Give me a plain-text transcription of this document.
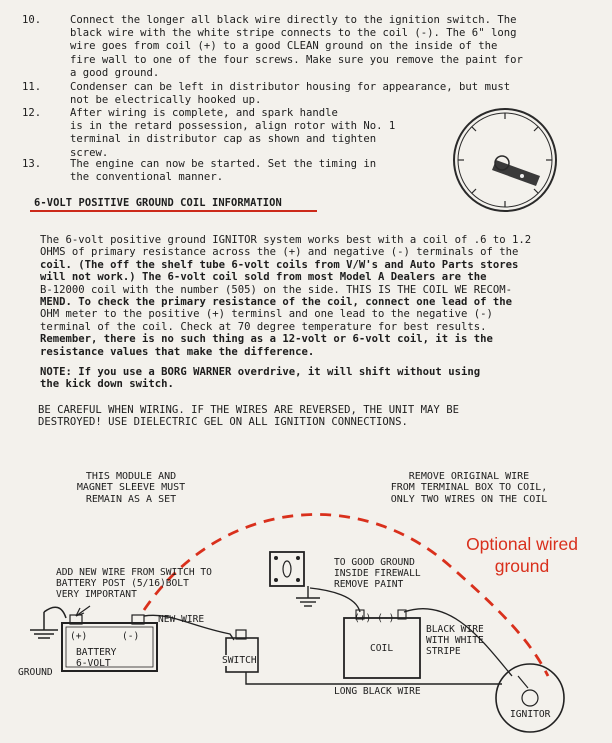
10.	Connect the longer all black wire directly to the ignition switch. The
black wire with the white stripe connects to the coil (-). The 6" long
wire goes from coil (+) to a good CLEAN ground on the inside of the
fire wall to one of the four screws. Make sure you remove the paint for
a good ground.
11.	Condenser can be left in distributor housing for appearance, but must
not be electrically hooked up.
12.	After wiring is complete, and spark handle
is in the retard possession, align rotor with No. 1
terminal in distributor cap as shown and tighten
screw.
13.	The engine can now be started. Set the timing in
the conventional manner.
6-VOLT POSITIVE GROUND COIL INFORMATION
The 6-volt positive ground IGNITOR system works best with a coil of .6 to 1.2
OHMS of primary resistance across the (+) and negative (-) terminals of the
coil. (The off the shelf tube 6-volt coils from V/W's and Auto Parts stores
will not work.) The 6-volt coil sold from most Model A Dealers are the
B-12000 coil with the number (505) on the side. THIS IS THE COIL WE RECOM-
MEND. To check the primary resistance of the coil, connect one lead of the
OHM meter to the positive (+) terminsl and one lead to the negative (-)
terminal of the coil. Check at 70 degree temperature for best results.
Remember, there is no such thing as a 12-volt or 6-volt coil, it is the
resistance values that make the difference.
NOTE: If you use a BORG WARNER overdrive, it will shift without using
the kick down switch.
BE CAREFUL WHEN WIRING. IF THE WIRES ARE REVERSED, THE UNIT MAY BE
DESTROYED! USE DIELECTRIC GEL ON ALL IGNITION CONNECTIONS.
THIS MODULE AND
MAGNET SLEEVE MUST
REMAIN AS A SET
REMOVE ORIGINAL WIRE
FROM TERMINAL BOX TO COIL,
ONLY TWO WIRES ON THE COIL
Optional wired
ground
ADD NEW WIRE FROM SWITCH TO
BATTERY POST (5/16)BOLT
VERY IMPORTANT
TO GOOD GROUND
INSIDE FIREWALL
REMOVE PAINT
NEW WIRE
(+)	(-)
BATTERY
6-VOLT
GROUND
SWITCH
(+) (-)
COIL
BLACK WIRE
WITH WHITE
STRIPE
LONG BLACK WIRE
IGNITOR
